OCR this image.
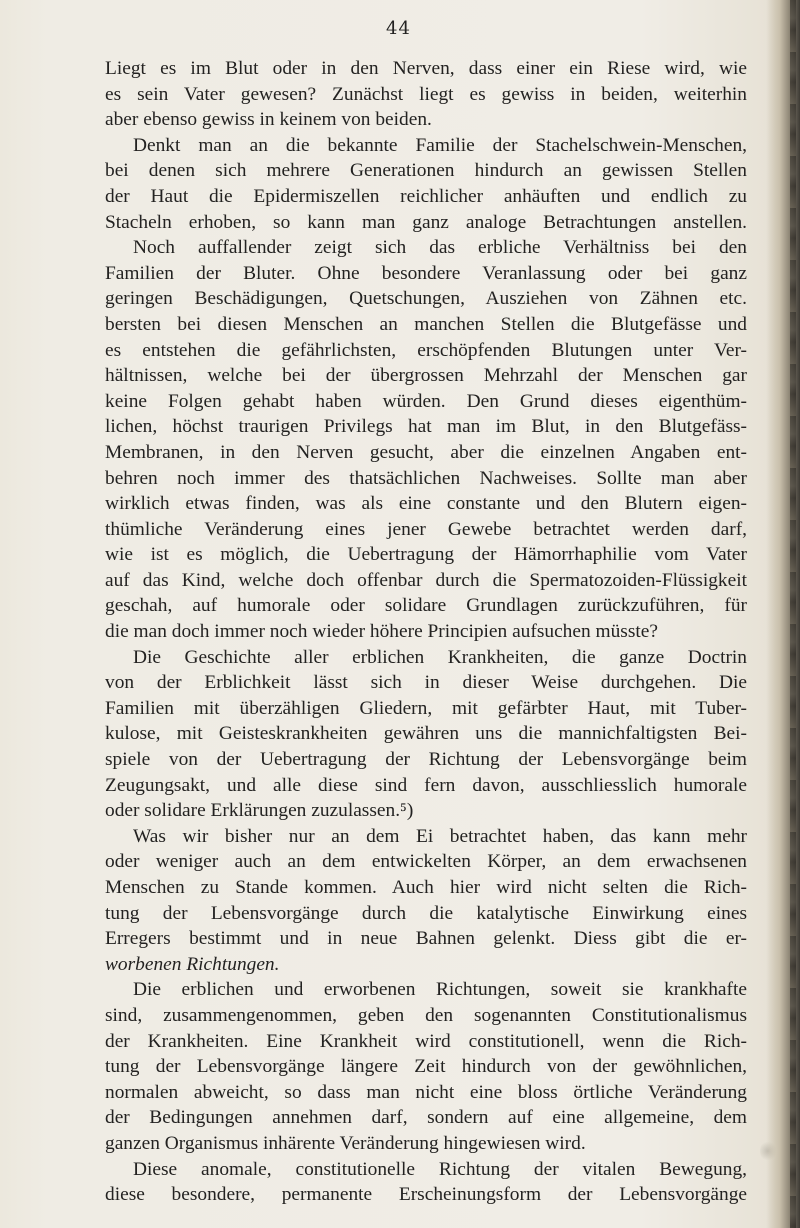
44
Liegt es im Blut oder in den Nerven, dass einer ein Riese wird, wie
es sein Vater gewesen? Zunächst liegt es gewiss in beiden, weiterhin
aber ebenso gewiss in keinem von beiden.
Denkt man an die bekannte Familie der Stachelschwein-Menschen,
bei denen sich mehrere Generationen hindurch an gewissen Stellen
der Haut die Epidermiszellen reichlicher anhäuften und endlich zu
Stacheln erhoben, so kann man ganz analoge Betrachtungen anstellen.
Noch auffallender zeigt sich das erbliche Verhältniss bei den
Familien der Bluter. Ohne besondere Veranlassung oder bei ganz
geringen Beschädigungen, Quetschungen, Ausziehen von Zähnen etc.
bersten bei diesen Menschen an manchen Stellen die Blutgefässe und
es entstehen die gefährlichsten, erschöpfenden Blutungen unter Ver-
hältnissen, welche bei der übergrossen Mehrzahl der Menschen gar
keine Folgen gehabt haben würden. Den Grund dieses eigenthüm-
lichen, höchst traurigen Privilegs hat man im Blut, in den Blutgefäss-
Membranen, in den Nerven gesucht, aber die einzelnen Angaben ent-
behren noch immer des thatsächlichen Nachweises. Sollte man aber
wirklich etwas finden, was als eine constante und den Blutern eigen-
thümliche Veränderung eines jener Gewebe betrachtet werden darf,
wie ist es möglich, die Uebertragung der Hämorrhaphilie vom Vater
auf das Kind, welche doch offenbar durch die Spermatozoiden-Flüssigkeit
geschah, auf humorale oder solidare Grundlagen zurückzuführen, für
die man doch immer noch wieder höhere Principien aufsuchen müsste?
Die Geschichte aller erblichen Krankheiten, die ganze Doctrin
von der Erblichkeit lässt sich in dieser Weise durchgehen. Die
Familien mit überzähligen Gliedern, mit gefärbter Haut, mit Tuber-
kulose, mit Geisteskrankheiten gewähren uns die mannichfaltigsten Bei-
spiele von der Uebertragung der Richtung der Lebensvorgänge beim
Zeugungsakt, und alle diese sind fern davon, ausschliesslich humorale
oder solidare Erklärungen zuzulassen.⁵)
Was wir bisher nur an dem Ei betrachtet haben, das kann mehr
oder weniger auch an dem entwickelten Körper, an dem erwachsenen
Menschen zu Stande kommen. Auch hier wird nicht selten die Rich-
tung der Lebensvorgänge durch die katalytische Einwirkung eines
Erregers bestimmt und in neue Bahnen gelenkt. Diess gibt die er-
worbenen Richtungen.
Die erblichen und erworbenen Richtungen, soweit sie krankhafte
sind, zusammengenommen, geben den sogenannten Constitutionalismus
der Krankheiten. Eine Krankheit wird constitutionell, wenn die Rich-
tung der Lebensvorgänge längere Zeit hindurch von der gewöhnlichen,
normalen abweicht, so dass man nicht eine bloss örtliche Veränderung
der Bedingungen annehmen darf, sondern auf eine allgemeine, dem
ganzen Organismus inhärente Veränderung hingewiesen wird.
Diese anomale, constitutionelle Richtung der vitalen Bewegung,
diese besondere, permanente Erscheinungsform der Lebensvorgänge
